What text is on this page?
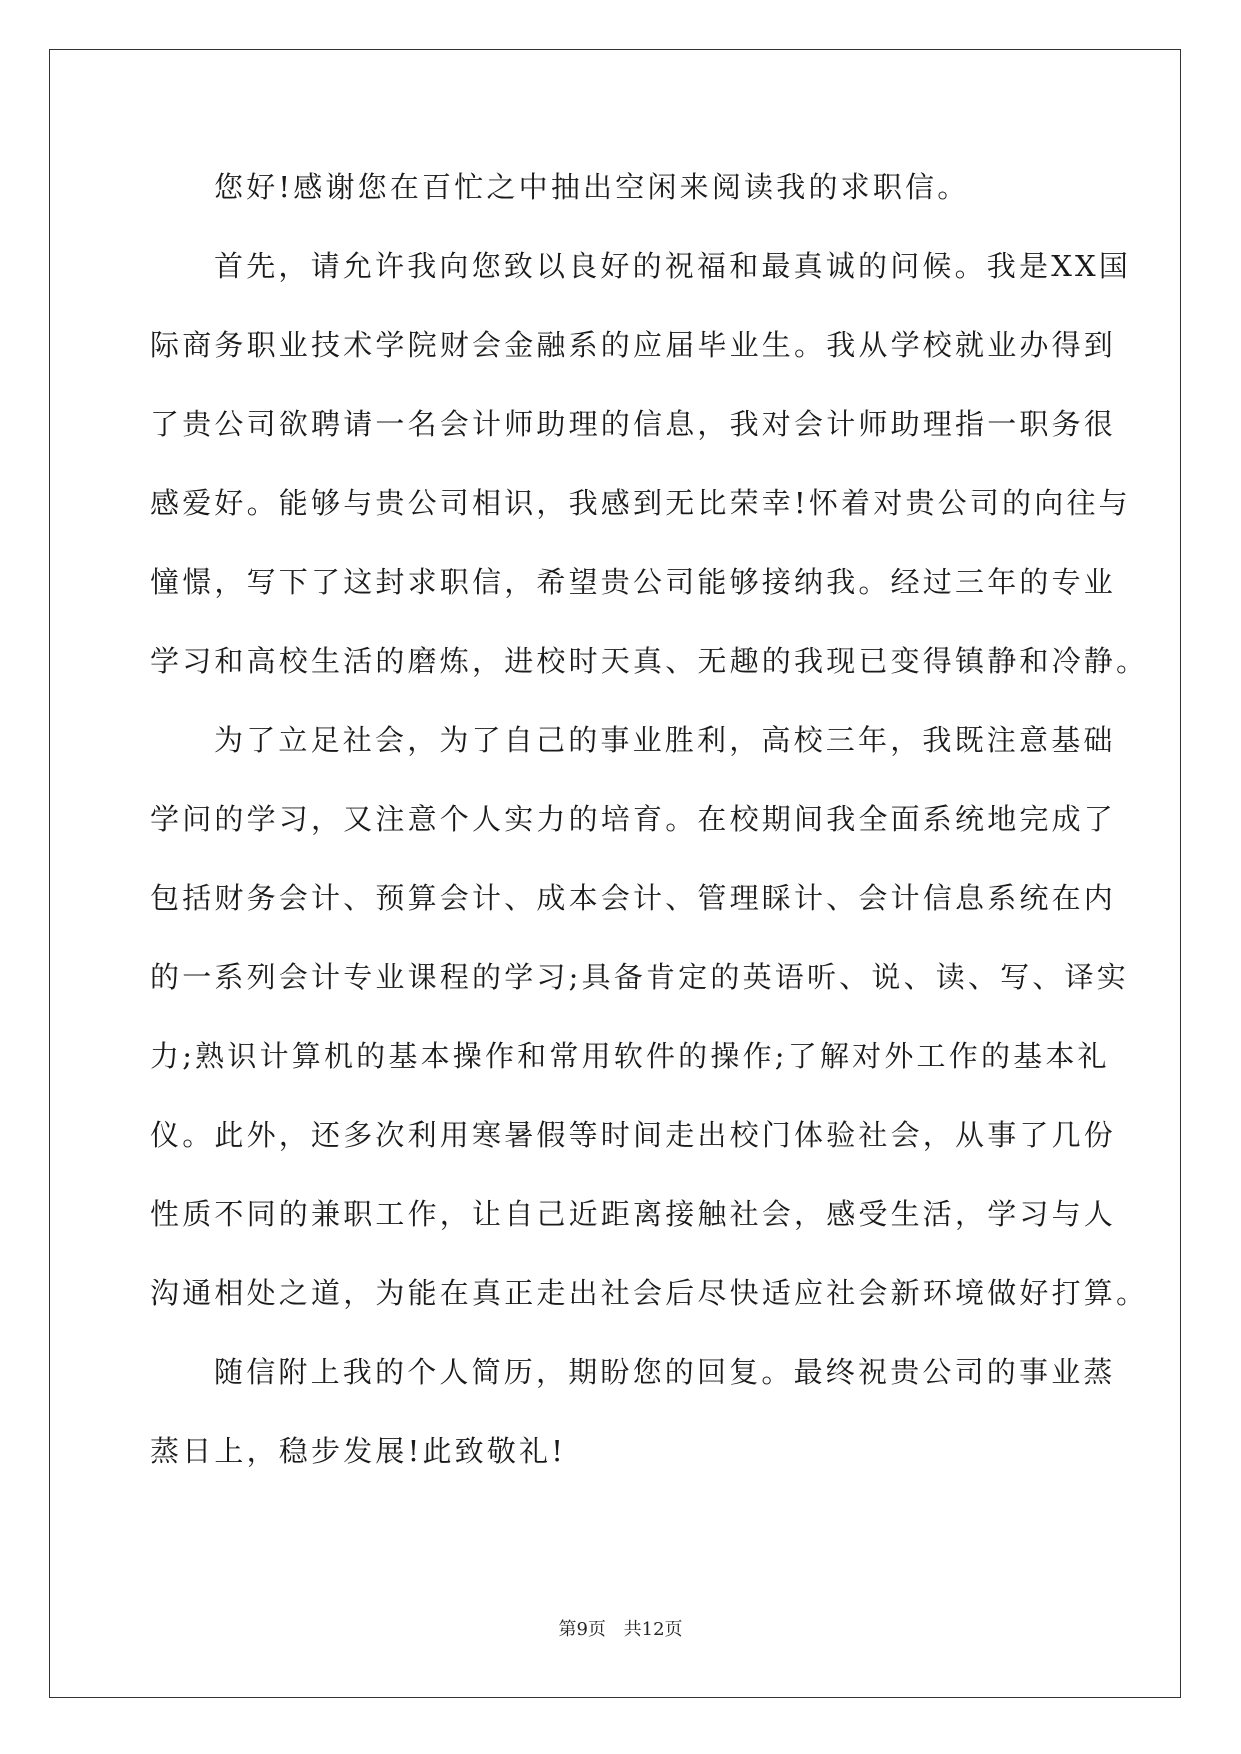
您好!感谢您在百忙之中抽出空闲来阅读我的求职信。
首先，请允许我向您致以良好的祝福和最真诚的问候。我是XX国
际商务职业技术学院财会金融系的应届毕业生。我从学校就业办得到
了贵公司欲聘请一名会计师助理的信息，我对会计师助理指一职务很
感爱好。能够与贵公司相识，我感到无比荣幸!怀着对贵公司的向往与
憧憬，写下了这封求职信，希望贵公司能够接纳我。经过三年的专业
学习和高校生活的磨炼，进校时天真、无趣的我现已变得镇静和冷静。
为了立足社会，为了自己的事业胜利，高校三年，我既注意基础
学问的学习，又注意个人实力的培育。在校期间我全面系统地完成了
包括财务会计、预算会计、成本会计、管理睬计、会计信息系统在内
的一系列会计专业课程的学习;具备肯定的英语听、说、读、写、译实
力;熟识计算机的基本操作和常用软件的操作;了解对外工作的基本礼
仪。此外，还多次利用寒暑假等时间走出校门体验社会，从事了几份
性质不同的兼职工作，让自己近距离接触社会，感受生活，学习与人
沟通相处之道，为能在真正走出社会后尽快适应社会新环境做好打算。
随信附上我的个人简历，期盼您的回复。最终祝贵公司的事业蒸
蒸日上，稳步发展!此致敬礼!
第9页 共12页
